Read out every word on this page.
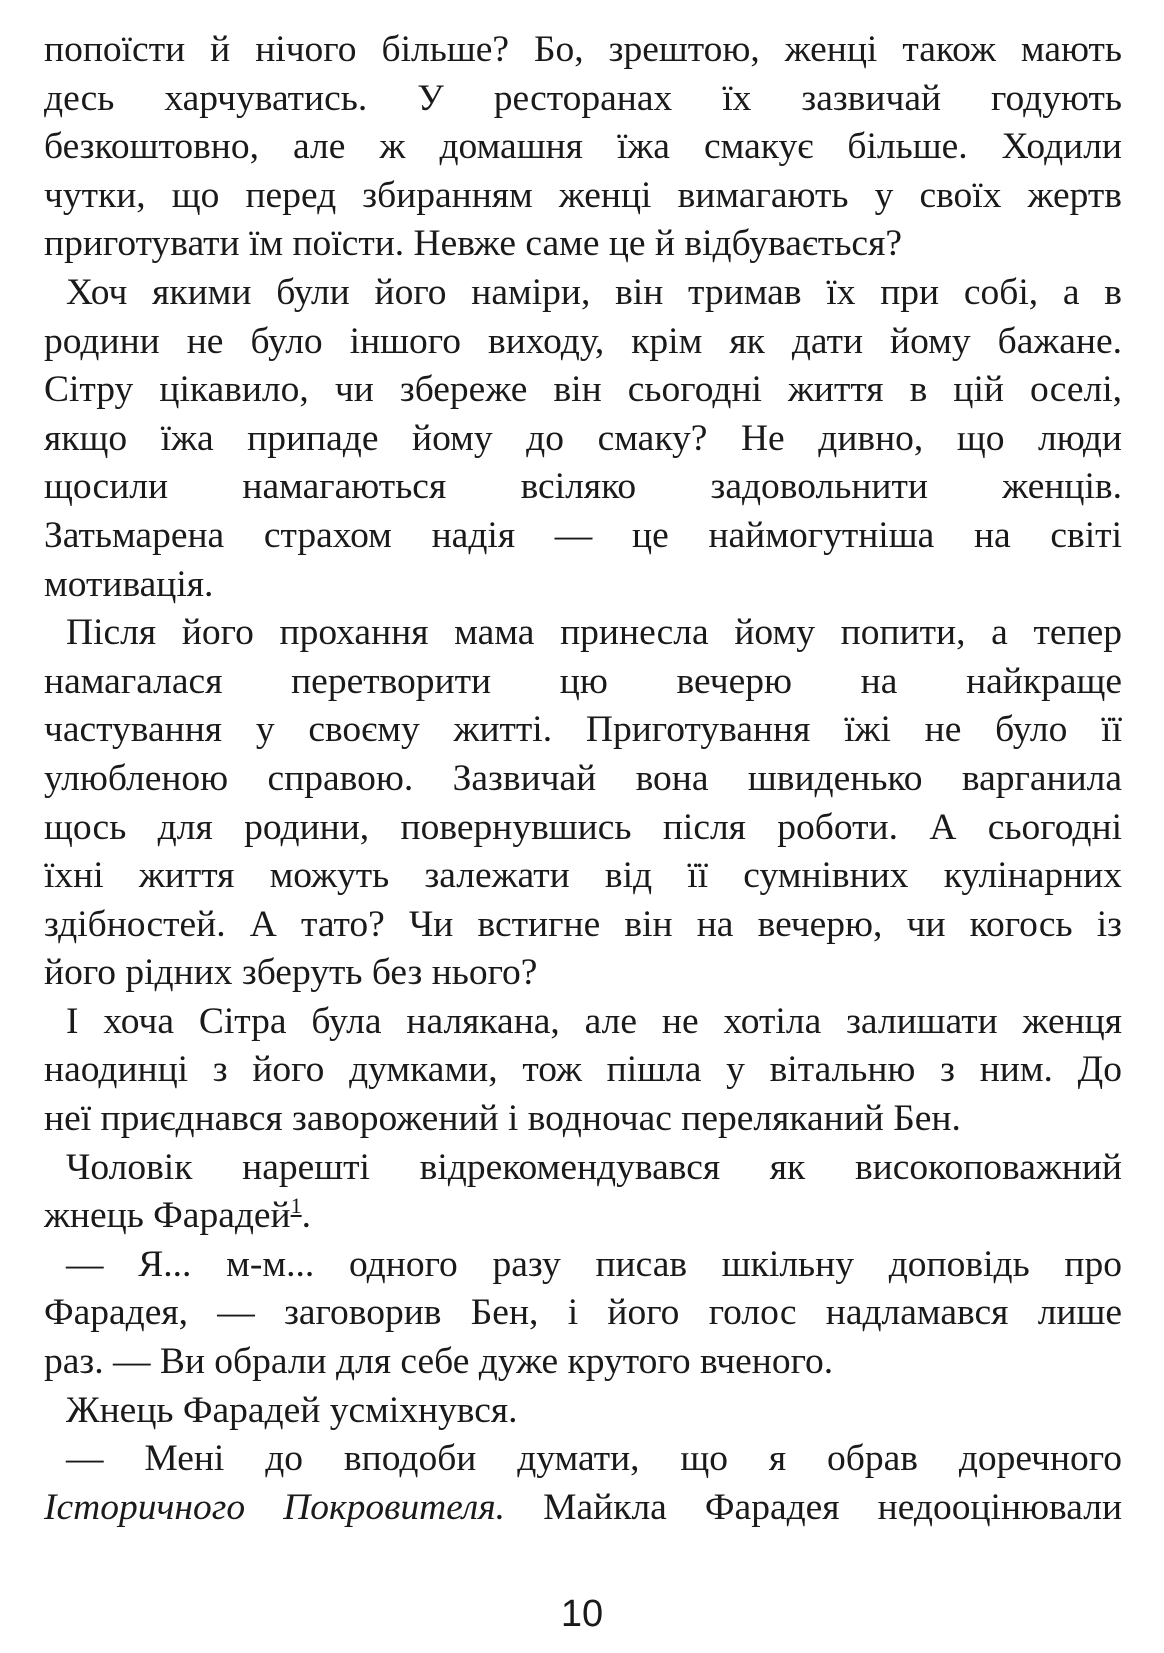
попоїсти й нічого більше? Бо, зрештою, женці також мають
десь харчуватись. У ресторанах їх зазвичай годують
безкоштовно, але ж домашня їжа смакує більше. Ходили
чутки, що перед збиранням женці вимагають у своїх жертв
приготувати їм поїсти. Невже саме це й відбувається?

Хоч якими були його наміри, він тримав їх при собі, а в
родини не було іншого виходу, крім як дати йому бажане.
Сітру цікавило, чи збереже він сьогодні життя в цій оселі,
якщо їжа припаде йому до смаку? Не дивно, що люди
щосили намагаються всіляко задовольнити женців.
Затьмарена страхом надія — це наймогутніша на світі
мотивація.

Після його прохання мама принесла йому попити, а тепер
намагалася перетворити цю вечерю на найкраще
частування у своєму житті. Приготування їжі не було її
улюбленою справою. Зазвичай вона швиденько варганила
щось для родини, повернувшись після роботи. А сьогодні
їхні життя можуть залежати від її сумнівних кулінарних
здібностей. А тато? Чи встигне він на вечерю, чи когось із
його рідних зберуть без нього?

І хоча Сітра була налякана, але не хотіла залишати женця
наодинці з його думками, тож пішла у вітальню з ним. До
неї приєднався заворожений і водночас переляканий Бен.

Чоловік нарешті відрекомендувався як високоповажний
жнець Фарадей$^1$.

— Я... м-м... одного разу писав шкільну доповідь про
Фарадея, — заговорив Бен, і його голос надламався лише
раз. — Ви обрали для себе дуже крутого вченого.

Жнець Фарадей усміхнувся.

— Мені до вподоби думати, що я обрав доречного
Історичного Покровителя. Майкла Фарадея недооцінювали

10
